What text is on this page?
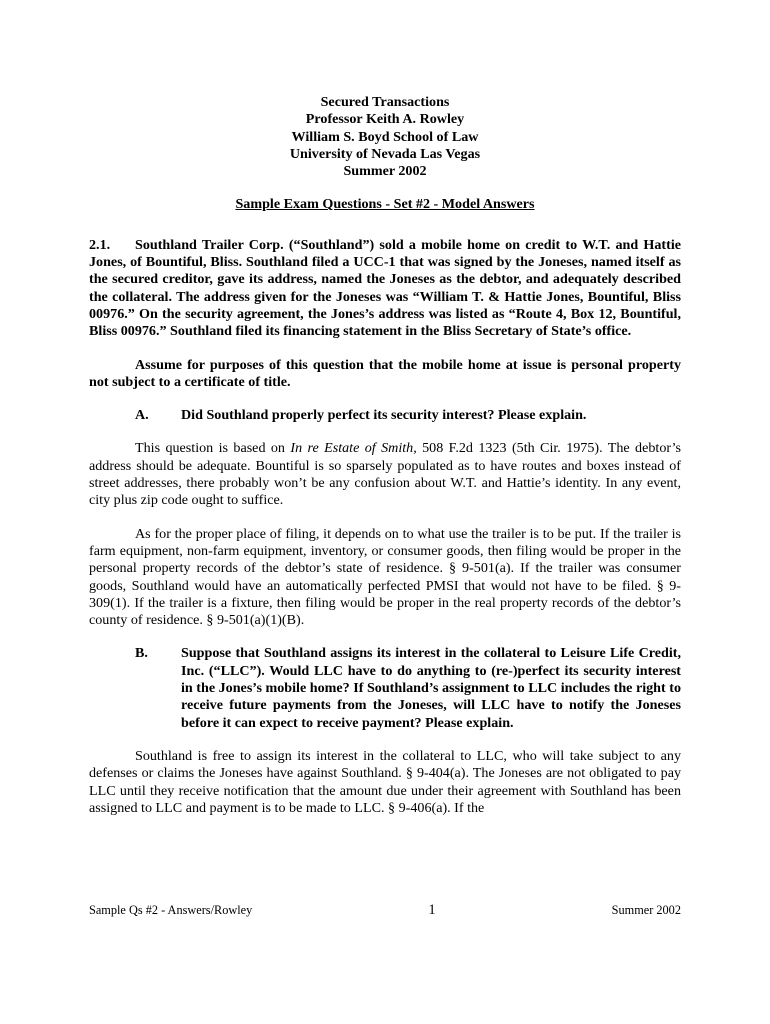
Secured Transactions
Professor Keith A. Rowley
William S. Boyd School of Law
University of Nevada Las Vegas
Summer 2002
Sample Exam Questions - Set #2 - Model Answers

2.1. Southland Trailer Corp. (“Southland”) sold a mobile home on credit to W.T. and Hattie Jones, of Bountiful, Bliss. Southland filed a UCC-1 that was signed by the Joneses, named itself as the secured creditor, gave its address, named the Joneses as the debtor, and adequately described the collateral. The address given for the Joneses was “William T. & Hattie Jones, Bountiful, Bliss 00976.” On the security agreement, the Jones’s address was listed as “Route 4, Box 12, Bountiful, Bliss 00976.” Southland filed its financing statement in the Bliss Secretary of State’s office.

Assume for purposes of this question that the mobile home at issue is personal property not subject to a certificate of title.

A.	Did Southland properly perfect its security interest? Please explain.

This question is based on In re Estate of Smith, 508 F.2d 1323 (5th Cir. 1975). The debtor’s address should be adequate. Bountiful is so sparsely populated as to have routes and boxes instead of street addresses, there probably won’t be any confusion about W.T. and Hattie’s identity. In any event, city plus zip code ought to suffice.

As for the proper place of filing, it depends on to what use the trailer is to be put. If the trailer is farm equipment, non-farm equipment, inventory, or consumer goods, then filing would be proper in the personal property records of the debtor’s state of residence. § 9-501(a). If the trailer was consumer goods, Southland would have an automatically perfected PMSI that would not have to be filed. § 9-309(1). If the trailer is a fixture, then filing would be proper in the real property records of the debtor’s county of residence. § 9-501(a)(1)(B).

B.	Suppose that Southland assigns its interest in the collateral to Leisure Life Credit, Inc. (“LLC”). Would LLC have to do anything to (re-)perfect its security interest in the Jones’s mobile home? If Southland’s assignment to LLC includes the right to receive future payments from the Joneses, will LLC have to notify the Joneses before it can expect to receive payment? Please explain.

Southland is free to assign its interest in the collateral to LLC, who will take subject to any defenses or claims the Joneses have against Southland. § 9-404(a). The Joneses are not obligated to pay LLC until they receive notification that the amount due under their agreement with Southland has been assigned to LLC and payment is to be made to LLC. § 9-406(a). If the

Sample Qs #2 - Answers/Rowley	1	Summer 2002
